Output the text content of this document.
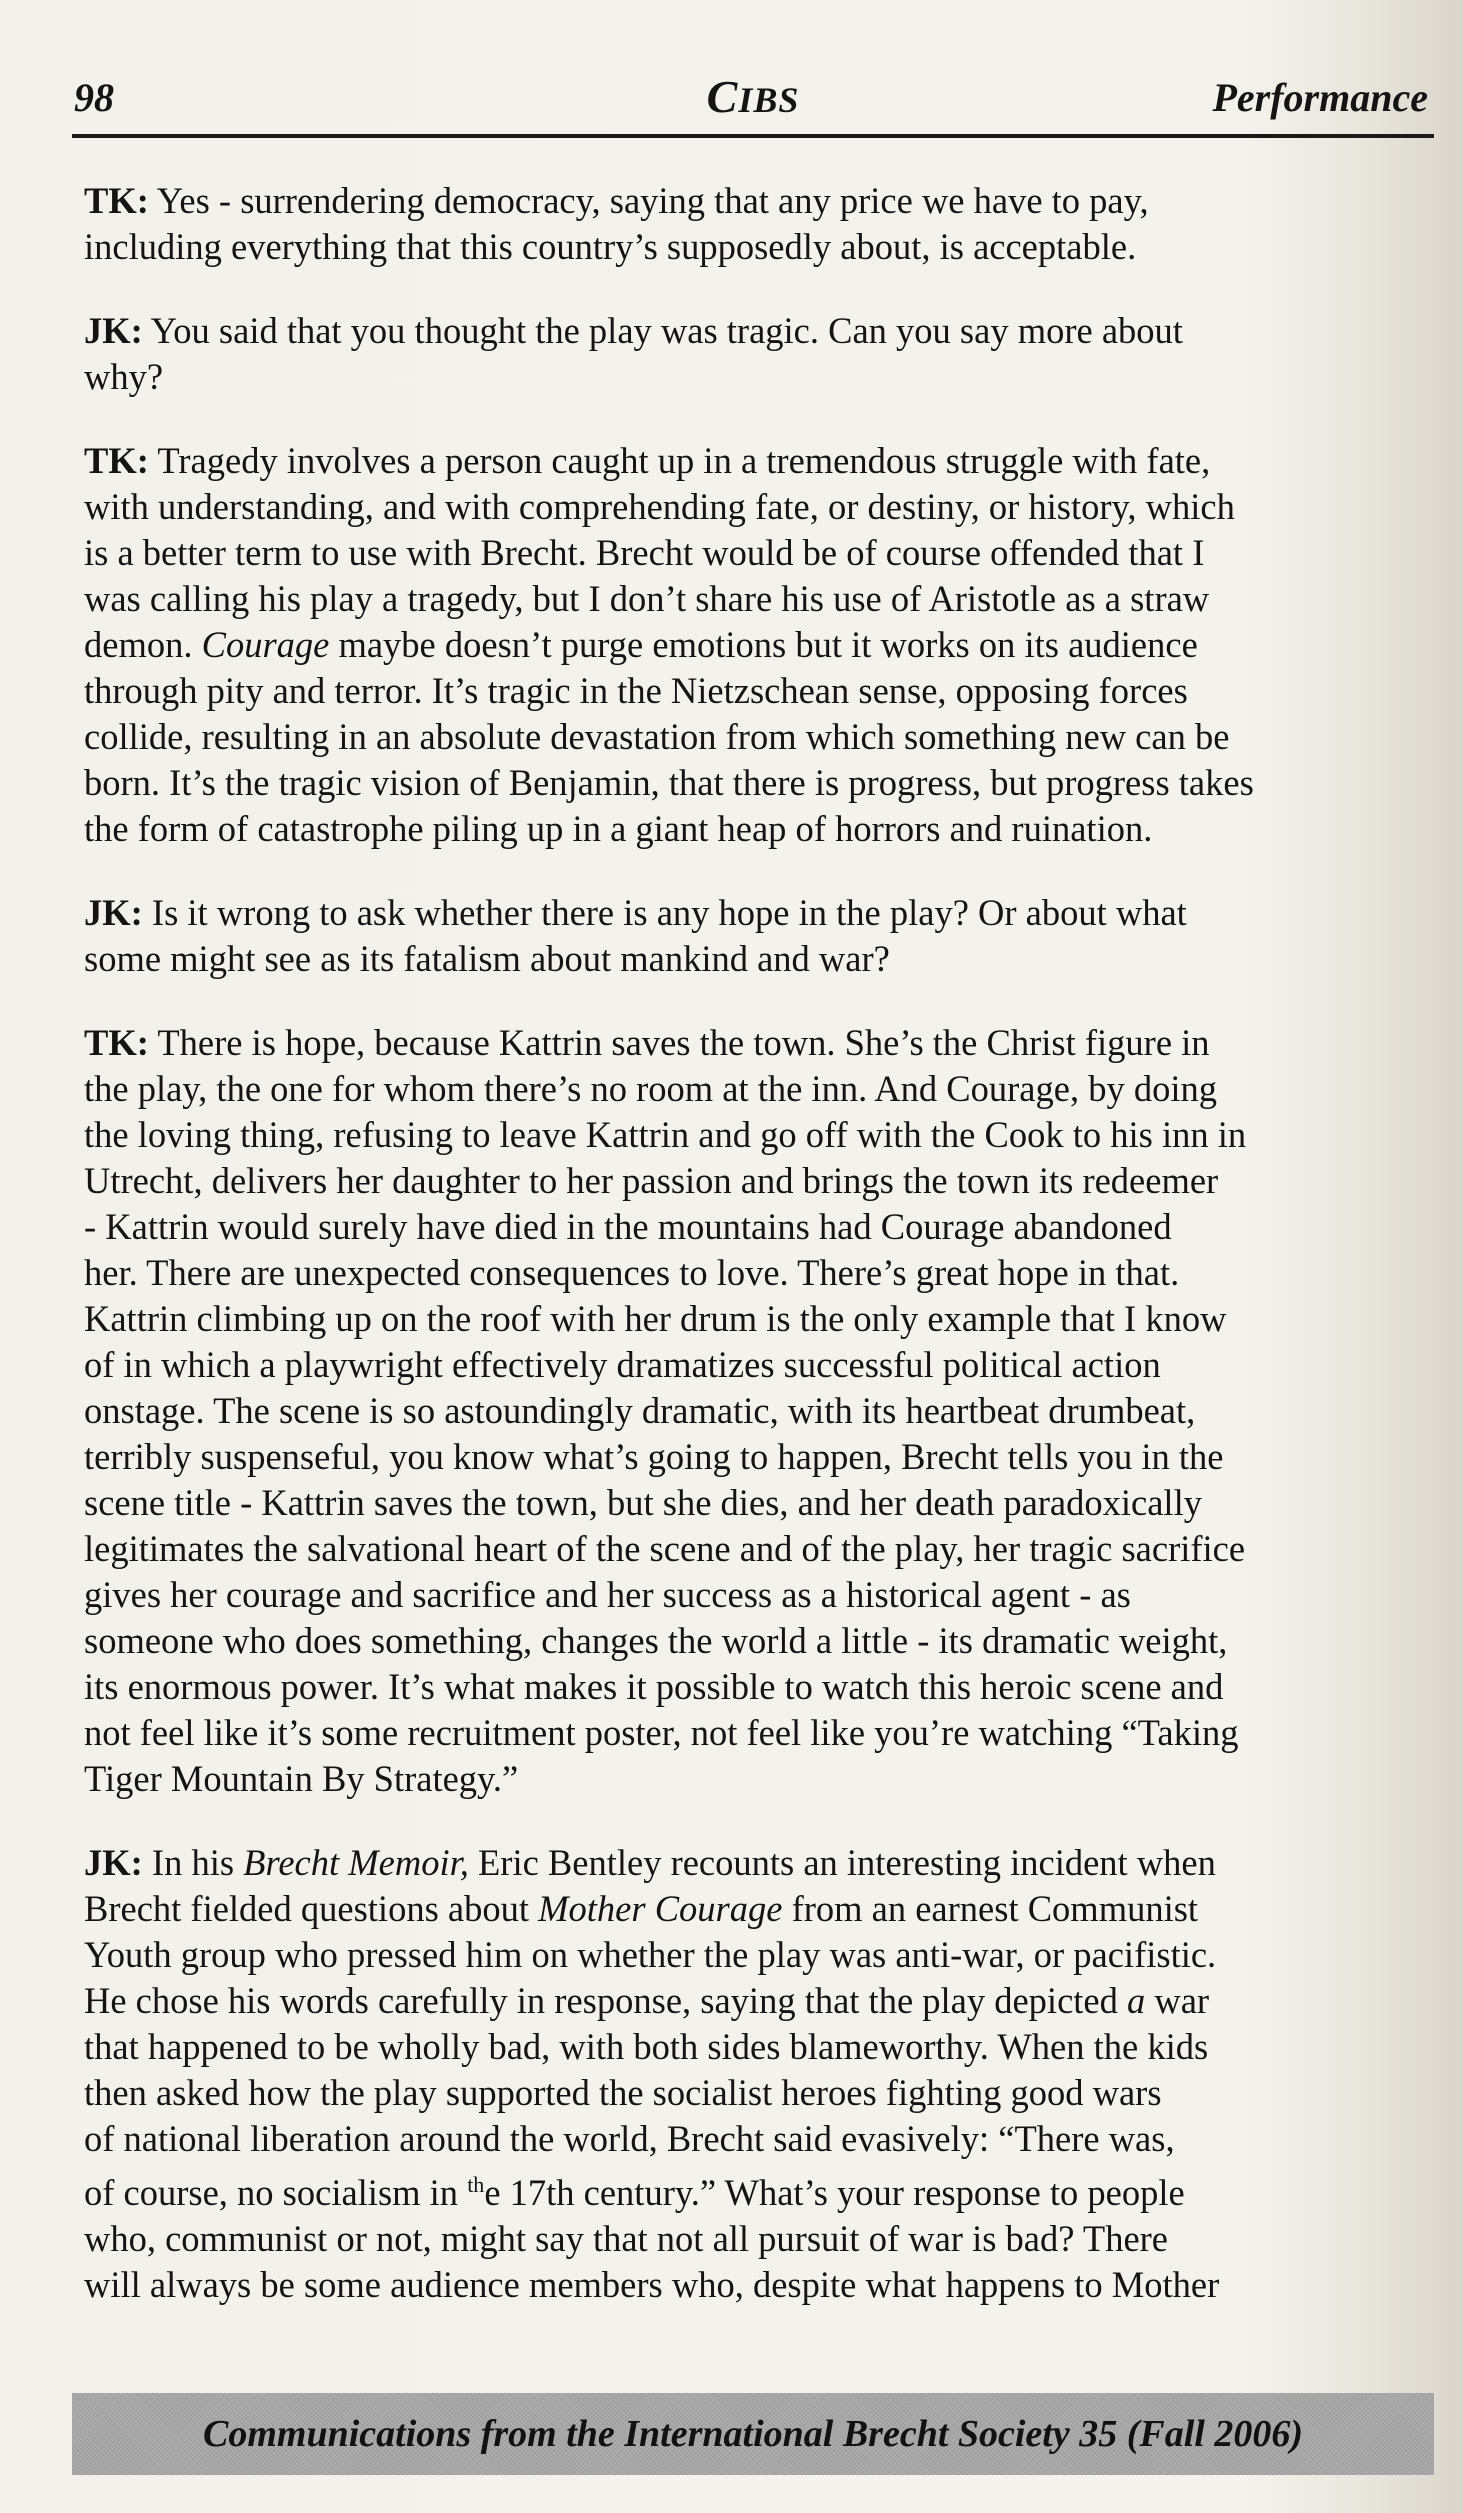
98	CIBS	Performance
TK: Yes - surrendering democracy, saying that any price we have to pay,
including everything that this country’s supposedly about, is acceptable.
JK: You said that you thought the play was tragic. Can you say more about
why?
TK: Tragedy involves a person caught up in a tremendous struggle with fate,
with understanding, and with comprehending fate, or destiny, or history, which
is a better term to use with Brecht. Brecht would be of course offended that I
was calling his play a tragedy, but I don’t share his use of Aristotle as a straw
demon. Courage maybe doesn’t purge emotions but it works on its audience
through pity and terror. It’s tragic in the Nietzschean sense, opposing forces
collide, resulting in an absolute devastation from which something new can be
born. It’s the tragic vision of Benjamin, that there is progress, but progress takes
the form of catastrophe piling up in a giant heap of horrors and ruination.
JK: Is it wrong to ask whether there is any hope in the play? Or about what
some might see as its fatalism about mankind and war?
TK: There is hope, because Kattrin saves the town. She’s the Christ figure in
the play, the one for whom there’s no room at the inn. And Courage, by doing
the loving thing, refusing to leave Kattrin and go off with the Cook to his inn in
Utrecht, delivers her daughter to her passion and brings the town its redeemer
- Kattrin would surely have died in the mountains had Courage abandoned
her. There are unexpected consequences to love. There’s great hope in that.
Kattrin climbing up on the roof with her drum is the only example that I know
of in which a playwright effectively dramatizes successful political action
onstage. The scene is so astoundingly dramatic, with its heartbeat drumbeat,
terribly suspenseful, you know what’s going to happen, Brecht tells you in the
scene title - Kattrin saves the town, but she dies, and her death paradoxically
legitimates the salvational heart of the scene and of the play, her tragic sacrifice
gives her courage and sacrifice and her success as a historical agent - as
someone who does something, changes the world a little - its dramatic weight,
its enormous power. It’s what makes it possible to watch this heroic scene and
not feel like it’s some recruitment poster, not feel like you’re watching “Taking
Tiger Mountain By Strategy.”
JK: In his Brecht Memoir, Eric Bentley recounts an interesting incident when
Brecht fielded questions about Mother Courage from an earnest Communist
Youth group who pressed him on whether the play was anti-war, or pacifistic.
He chose his words carefully in response, saying that the play depicted a war
that happened to be wholly bad, with both sides blameworthy. When the kids
then asked how the play supported the socialist heroes fighting good wars
of national liberation around the world, Brecht said evasively: “There was,
of course, no socialism in $^{th}$e 17th century.” What’s your response to people
who, communist or not, might say that not all pursuit of war is bad? There
will always be some audience members who, despite what happens to Mother
Communications from the International Brecht Society 35 (Fall 2006)
